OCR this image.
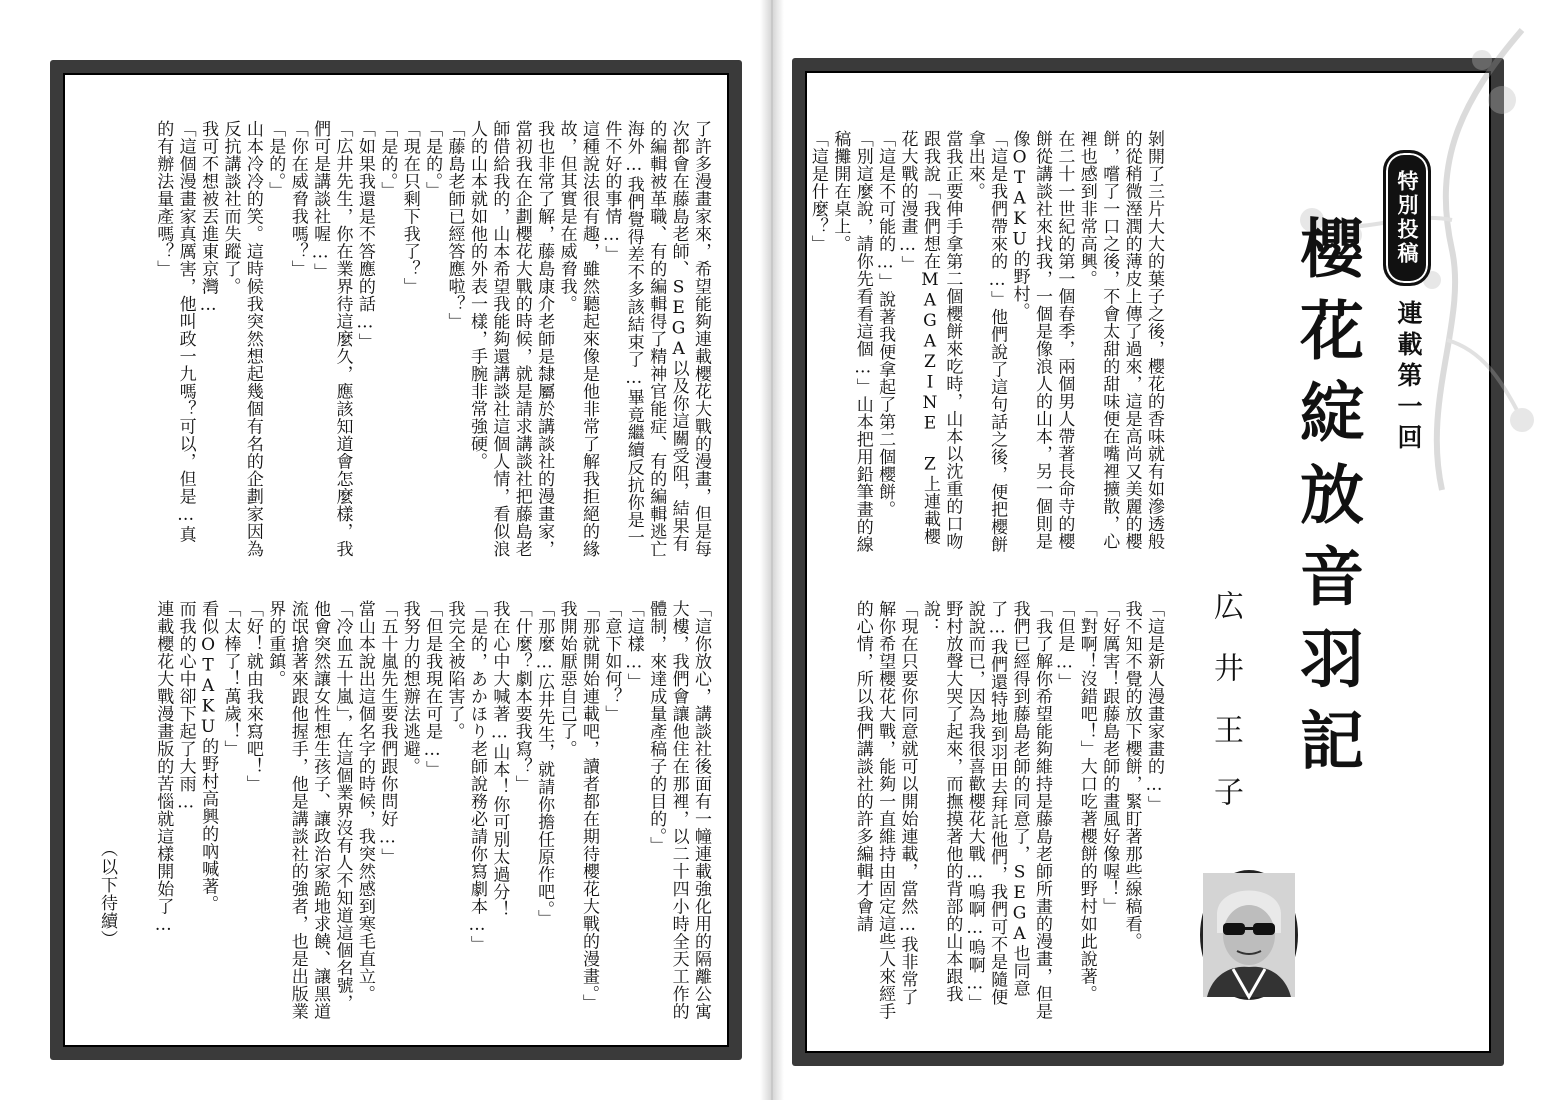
了許多漫畫家來，希望能夠連載櫻花大戰的漫畫，但是每次都會在藤島老師、SEGA以及你這關受阻，結果有的編輯被革職、有的編輯得了精神官能症、有的編輯逃亡海外…我們覺得差不多該結束了…畢竟繼續反抗你是一件不好的事情…」
這種說法很有趣，雖然聽起來像是他非常了解我拒絕的緣故，但其實是在威脅我。
我也非常了解，藤島康介老師是隸屬於講談社的漫畫家，當初我在企劃櫻花大戰的時候，就是請求講談社把藤島老師借給我的，山本希望我能夠還講談社這個人情，看似浪人的山本就如他的外表一樣，手腕非常強硬。
「藤島老師已經答應啦？」
「是的。」
「現在只剩下我了？」
「是的。」
「如果我還是不答應的話…」
「広井先生，你在業界待這麼久，應該知道會怎麼樣，我們可是講談社喔…」
「你在威脅我嗎？」
「是的。」
山本冷冷的笑。這時候我突然想起幾個有名的企劃家因為反抗講談社而失蹤了。
我可不想被丟進東京灣…
「這個漫畫家真厲害，他叫政一九嗎？可以，但是…真的有辦法量產嗎？」
「這你放心，講談社後面有一幢連載強化用的隔離公寓大樓，我們會讓他住在那裡，以二十四小時全天工作的體制，來達成量產稿子的目的。」
「這樣…」
「意下如何？」
「那就開始連載吧，讀者都在期待櫻花大戰的漫畫。」
我開始厭惡自己了。
「那麼…広井先生，就請你擔任原作吧。」
「什麼？劇本要我寫？」
我在心中大喊著…山本！你可別太過分！
「是的，あかほり老師說務必請你寫劇本…」
我完全被陷害了。
「但是我現在可是…」
我努力的想辦法逃避。
「五十嵐先生要我們跟你問好…」
當山本說出這個名字的時候，我突然感到寒毛直立。
「冷血五十嵐」，在這個業界沒有人不知道這個名號，他會突然讓女性想生孩子、讓政治家跪地求饒、讓黑道流氓搶著來跟他握手，他是講談社的強者，也是出版業界的重鎮。
「好！就由我來寫吧！」
「太棒了！萬歲！」
看似OTAKU的野村高興的吶喊著。
而我的心中卻下起了大雨…
連載櫻花大戰漫畫版的苦惱就這樣開始了…
（以下待續）
剝開了三片大大的葉子之後，櫻花的香味就有如滲透般的從稍微溼潤的薄皮上傳了過來，這是高尚又美麗的櫻餅，嚐了一口之後，不會太甜的甜味便在嘴裡擴散，心裡也感到非常高興。
在二十一世紀的第一個春季，兩個男人帶著長命寺的櫻餅從講談社來找我，一個是像浪人的山本，另一個則是像OTAKU的野村。
「這是我們帶來的…」他們說了這句話之後，便把櫻餅拿出來。
當我正要伸手拿第二個櫻餅來吃時，山本以沈重的口吻跟我說「我們想在MAGAZINE Z上連載櫻花大戰的漫畫…」
「這是不可能的…」說著我便拿起了第二個櫻餅。
「別這麼說，請你先看看這個…」山本把用鉛筆畫的線稿攤開在桌上。
「這是什麼？」
「這是新人漫畫家畫的…」
我不知不覺的放下櫻餅，緊盯著那些線稿看。
「好厲害！跟藤島老師的畫風好像喔！」
「對啊！沒錯吧！」大口吃著櫻餅的野村如此說著。
「但是…」
「我了解你希望能夠維持是藤島老師所畫的漫畫，但是我們已經得到藤島老師的同意了，SEGA也同意了…我們還特地到羽田去拜託他們，我們可不是隨便說說而已，因為我很喜歡櫻花大戰…嗚啊…嗚啊…」野村放聲大哭了起來，而撫摸著他的背部的山本跟我說：
「現在只要你同意就可以開始連載，當然…我非常了解你希望櫻花大戰，能夠一直維持由固定這些人來經手的心情，所以我們講談社的許多編輯才會請	櫻花綻放音羽記	連載第一回
特別投稿
広井王子
